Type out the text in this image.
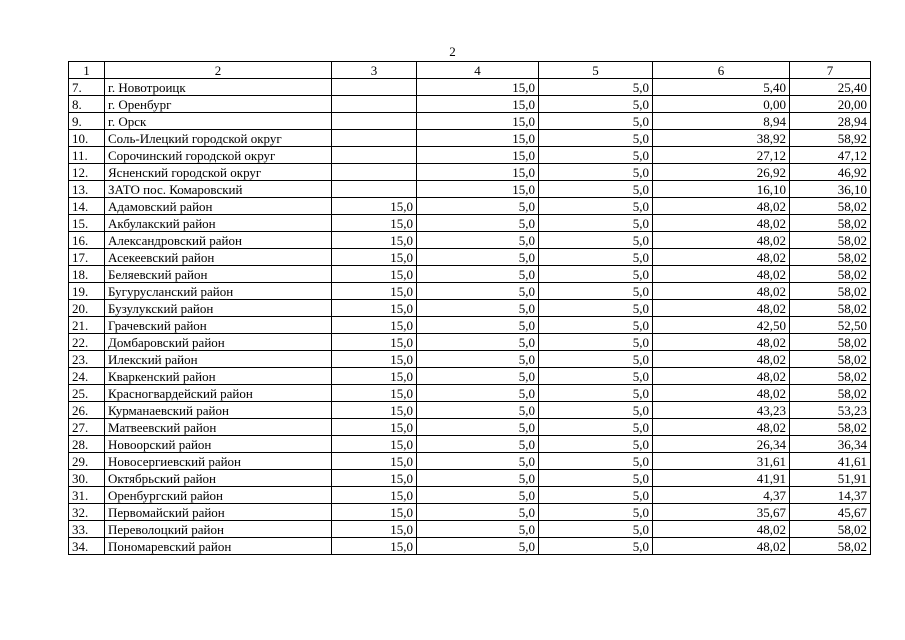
2
1	2	3	4	5	6	7
7.	г. Новотроицк		15,0	5,0	5,40	25,40
8.	г. Оренбург		15,0	5,0	0,00	20,00
9.	г. Орск		15,0	5,0	8,94	28,94
10.	Соль-Илецкий городской округ		15,0	5,0	38,92	58,92
11.	Сорочинский городской округ		15,0	5,0	27,12	47,12
12.	Ясненский городской округ		15,0	5,0	26,92	46,92
13.	ЗАТО пос. Комаровский		15,0	5,0	16,10	36,10
14.	Адамовский район	15,0	5,0	5,0	48,02	58,02
15.	Акбулакский район	15,0	5,0	5,0	48,02	58,02
16.	Александровский район	15,0	5,0	5,0	48,02	58,02
17.	Асекеевский район	15,0	5,0	5,0	48,02	58,02
18.	Беляевский район	15,0	5,0	5,0	48,02	58,02
19.	Бугурусланский район	15,0	5,0	5,0	48,02	58,02
20.	Бузулукский район	15,0	5,0	5,0	48,02	58,02
21.	Грачевский район	15,0	5,0	5,0	42,50	52,50
22.	Домбаровский район	15,0	5,0	5,0	48,02	58,02
23.	Илекский район	15,0	5,0	5,0	48,02	58,02
24.	Кваркенский район	15,0	5,0	5,0	48,02	58,02
25.	Красногвардейский район	15,0	5,0	5,0	48,02	58,02
26.	Курманаевский район	15,0	5,0	5,0	43,23	53,23
27.	Матвеевский район	15,0	5,0	5,0	48,02	58,02
28.	Новоорский район	15,0	5,0	5,0	26,34	36,34
29.	Новосергиевский район	15,0	5,0	5,0	31,61	41,61
30.	Октябрьский район	15,0	5,0	5,0	41,91	51,91
31.	Оренбургский район	15,0	5,0	5,0	4,37	14,37
32.	Первомайский район	15,0	5,0	5,0	35,67	45,67
33.	Переволоцкий район	15,0	5,0	5,0	48,02	58,02
34.	Пономаревский район	15,0	5,0	5,0	48,02	58,02
